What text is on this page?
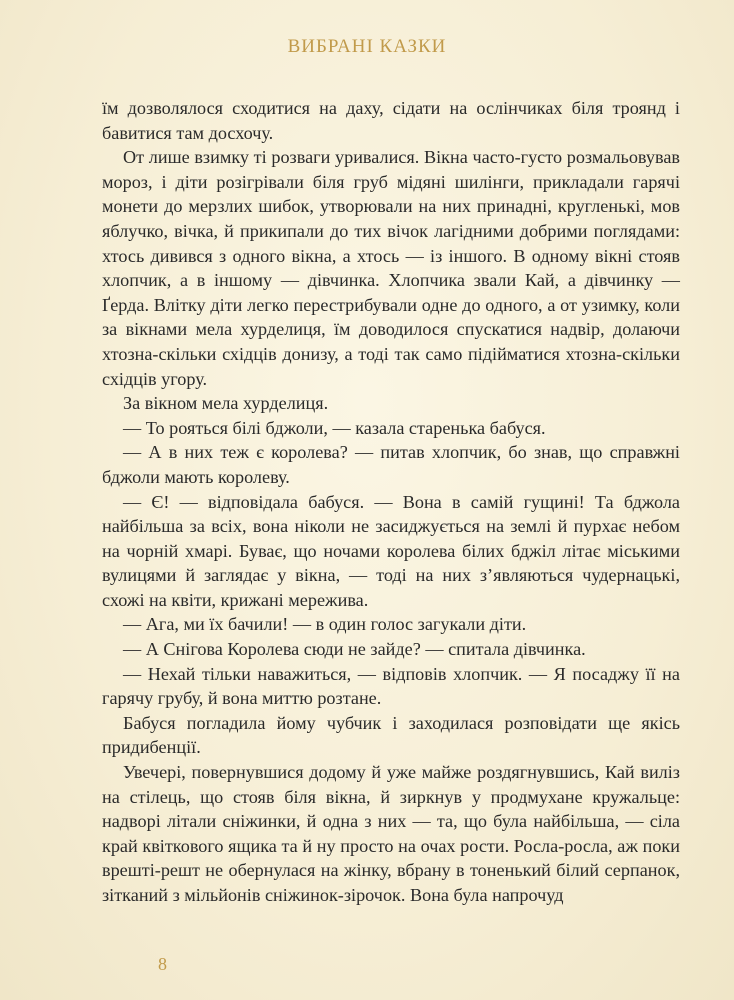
ВИБРАНІ КАЗКИ

їм дозволялося сходитися на даху, сідати на ослінчиках біля троянд і бавитися там досхочу.

От лише взимку ті розваги уривалися. Вікна часто-густо розмальовував мороз, і діти розігрівали біля груб мідяні шилінги, прикладали гарячі монети до мерзлих шибок, утворювали на них принадні, кругленькі, мов яблучко, вічка, й прикипали до тих вічок лагідними добрими поглядами: хтось дивився з одного вікна, а хтось — із іншого. В одному вікні стояв хлопчик, а в іншому — дівчинка. Хлопчика звали Кай, а дівчинку — Ґерда. Влітку діти легко перестрибували одне до одного, а от узимку, коли за вікнами мела хурделиця, їм доводилося спускатися надвір, долаючи хтозна-скільки східців донизу, а тоді так само підійматися хтозна-скільки східців угору.

За вікном мела хурделиця.

— То рояться білі бджоли, — казала старенька бабуся.

— А в них теж є королева? — питав хлопчик, бо знав, що справжні бджоли мають королеву.

— Є! — відповідала бабуся. — Вона в самій гущині! Та бджола найбільша за всіх, вона ніколи не засиджується на землі й пурхає небом на чорній хмарі. Буває, що ночами королева білих бджіл літає міськими вулицями й заглядає у вікна, — тоді на них з’являються чудернацькі, схожі на квіти, крижані мережива.

— Ага, ми їх бачили! — в один голос загукали діти.

— А Снігова Королева сюди не зайде? — спитала дівчинка.

— Нехай тільки наважиться, — відповів хлопчик. — Я посаджу її на гарячу грубу, й вона миттю розтане.

Бабуся погладила йому чубчик і заходилася розповідати ще якісь придибенції.

Увечері, повернувшися додому й уже майже роздягнувшись, Кай виліз на стілець, що стояв біля вікна, й зиркнув у продмухане кружальце: надворі літали сніжинки, й одна з них — та, що була найбільша, — сіла край квіткового ящика та й ну просто на очах рости. Росла-росла, аж поки врешті-решт не обернулася на жінку, вбрану в тоненький білий серпанок, зітканий з мільйонів сніжинок-зірочок. Вона була напрочуд

8
